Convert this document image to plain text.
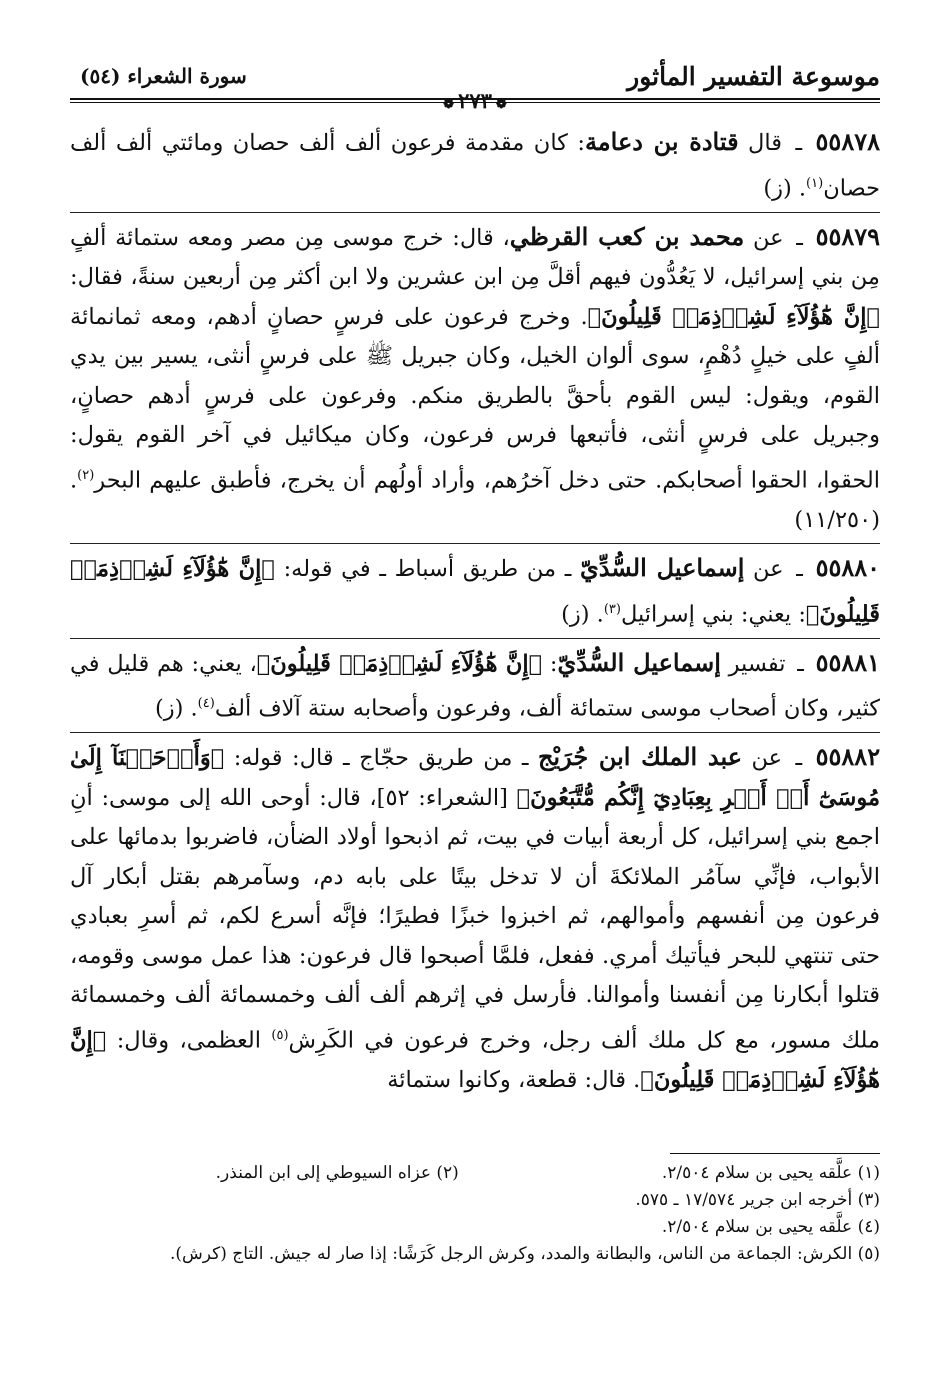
موسوعة التفسير المأثور
❁٢٧٣❁
سورة الشعراء (٥٤)

٥٥٨٧٨ ـ قال قتادة بن دعامة: كان مقدمة فرعون ألف ألف حصان ومائتي ألف ألف حصان$^{(١)}$. (ز)

٥٥٨٧٩ ـ عن محمد بن كعب القرظي، قال: خرج موسى مِن مصر ومعه ستمائة ألفٍ مِن بني إسرائيل، لا يَعُدُّون فيهم أقلَّ مِن ابن عشرين ولا ابن أكثر مِن أربعين سنةً، فقال: ﴿إِنَّ هَٰٓؤُلَآءِ لَشِرۡذِمَةٞ قَلِيلُونَ﴾. وخرج فرعون على فرسٍ حصانٍ أدهم، ومعه ثمانمائة ألفٍ على خيلٍ دُهْمٍ، سوى ألوان الخيل، وكان جبريل ﷺ على فرسٍ أنثى، يسير بين يدي القوم، ويقول: ليس القوم بأحقَّ بالطريق منكم. وفرعون على فرسٍ أدهم حصانٍ، وجبريل على فرسٍ أنثى، فأتبعها فرس فرعون، وكان ميكائيل في آخر القوم يقول: الحقوا، الحقوا أصحابكم. حتى دخل آخرُهم، وأراد أولُهم أن يخرج، فأطبق عليهم البحر$^{(٢)}$. (١١/٢٥٠)

٥٥٨٨٠ ـ عن إسماعيل السُّدِّيّ ـ من طريق أسباط ـ في قوله: ﴿إِنَّ هَٰٓؤُلَآءِ لَشِرۡذِمَةٞ قَلِيلُونَ﴾: يعني: بني إسرائيل$^{(٣)}$. (ز)

٥٥٨٨١ ـ تفسير إسماعيل السُّدِّيّ: ﴿إِنَّ هَٰٓؤُلَآءِ لَشِرۡذِمَةٞ قَلِيلُونَ﴾، يعني: هم قليل في كثير، وكان أصحاب موسى ستمائة ألف، وفرعون وأصحابه ستة آلاف ألف$^{(٤)}$. (ز)

٥٥٨٨٢ ـ عن عبد الملك ابن جُرَيْج ـ من طريق حجّاج ـ قال: قوله: ﴿وَأَوۡحَيۡنَآ إِلَىٰ مُوسَىٰٓ أَنۡ أَسۡرِ بِعِبَادِيٓ إِنَّكُم مُّتَّبَعُونَ﴾ [الشعراء: ٥٢]، قال: أوحى الله إلى موسى: أنِ اجمع بني إسرائيل، كل أربعة أبيات في بيت، ثم اذبحوا أولاد الضأن، فاضربوا بدمائها على الأبواب، فإنِّي سآمُر الملائكةَ أن لا تدخل بيتًا على بابه دم، وسآمرهم بقتل أبكار آل فرعون مِن أنفسهم وأموالهم، ثم اخبزوا خبزًا فطيرًا؛ فإنَّه أسرع لكم، ثم أسرِ بعبادي حتى تنتهي للبحر فيأتيك أمري. ففعل، فلمَّا أصبحوا قال فرعون: هذا عمل موسى وقومه، قتلوا أبكارنا مِن أنفسنا وأموالنا. فأرسل في إثرهم ألف ألف وخمسمائة ألف وخمسمائة ملك مسور، مع كل ملك ألف رجل، وخرج فرعون في الكَرِش$^{(٥)}$ العظمى، وقال: ﴿إِنَّ هَٰٓؤُلَآءِ لَشِرۡذِمَةٞ قَلِيلُونَ﴾. قال: قطعة، وكانوا ستمائة

(١) علَّقه يحيى بن سلام ٢/٥٠٤.
(٢) عزاه السيوطي إلى ابن المنذر.

(٣) أخرجه ابن جرير ١٧/٥٧٤ ـ ٥٧٥.

(٤) علَّقه يحيى بن سلام ٢/٥٠٤.

(٥) الكرش: الجماعة من الناس، والبطانة والمدد، وكرش الرجل كَرَشًا: إذا صار له جيش. التاج (كرش).
